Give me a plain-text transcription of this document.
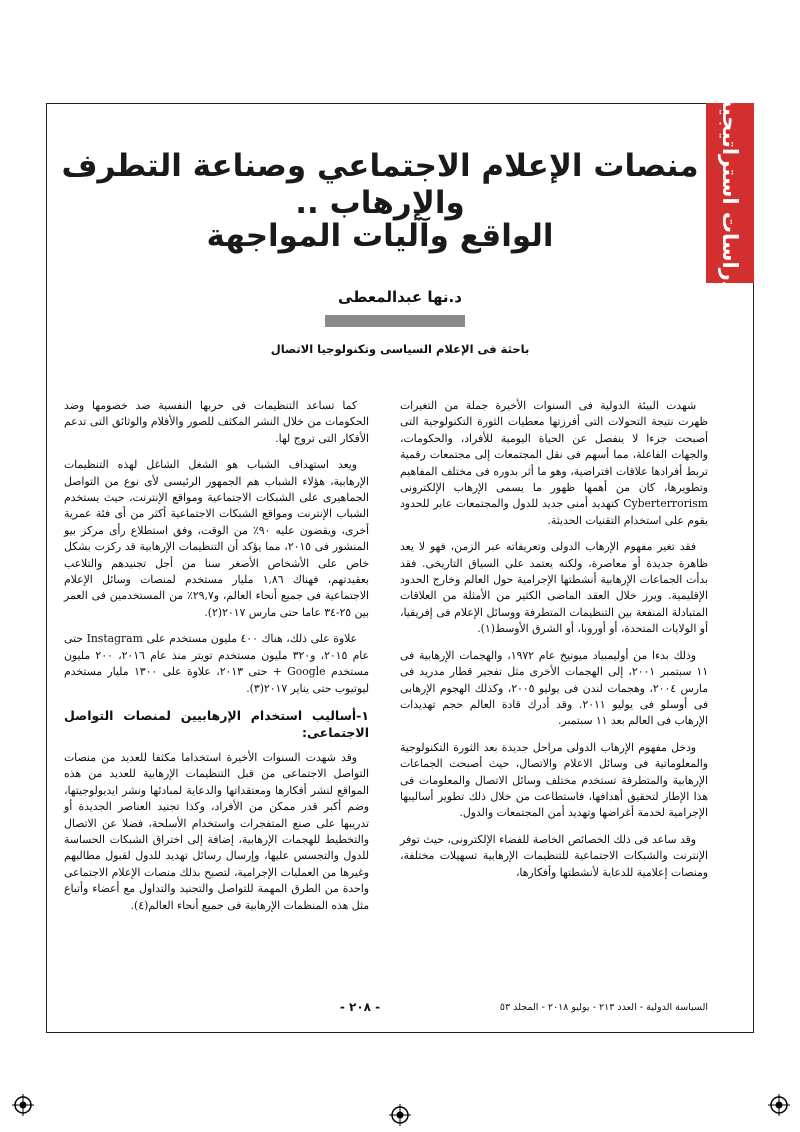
دراسات استراتيجية
منصات الإعلام الاجتماعي وصناعة التطرف والإرهاب ..
الواقع وآليات المواجهة
د.نها عبدالمعطى
باحثة فى الإعلام السياسى وتكنولوجيا الاتصال

شهدت البيئة الدولية فى السنوات الأخيرة جملة من التغيرات ظهرت نتيجة التحولات التى أفرزتها معطيات الثورة التكنولوجية التى أصبحت جزءا لا ينفصل عن الحياة اليومية للأفراد، والحكومات، والجهات الفاعلة، مما أسهم فى نقل المجتمعات إلى مجتمعات رقمية تربط أفرادها علاقات افتراضية، وهو ما أثر بدوره فى مختلف المفاهيم وتطويرها، كان من أهمها ظهور ما يسمى الإرهاب الإلكترونى Cyberterrorism كتهديد أمنى جديد للدول والمجتمعات عابر للحدود يقوم على استخدام التقنيات الحديثة.

فقد تغير مفهوم الإرهاب الدولى وتعريفاته عبر الزمن، فهو لا يعد ظاهرة جديدة أو معاصرة، ولكنه يعتمد على السياق التاريخى. فقد بدأت الجماعات الإرهابية أنشطتها الإجرامية حول العالم وخارج الحدود الإقليمية. ويرز خلال العقد الماضى الكثير من الأمثلة من العلاقات المتبادلة المنفعة بين التنظيمات المتطرفة ووسائل الإعلام فى إفريقيا، أو الولايات المتحدة، أو أوروبا، أو الشرق الأوسط(١).

وذلك بدءا من أوليمبياد ميونيخ عام ١٩٧٢، والهجمات الإرهابية فى ١١ سبتمبر ٢٠٠١، إلى الهجمات الأخرى مثل تفجير قطار مدريد فى مارس ٢٠٠٤، وهجمات لندن فى يوليو ٢٠٠٥، وكذلك الهجوم الإرهابى فى أوسلو فى يوليو ٢٠١١. وقد أدرك قادة العالم حجم تهديدات الإرهاب فى العالم بعد ١١ سبتمبر.

ودخل مفهوم الإرهاب الدولى مراحل جديدة بعد الثورة التكنولوجية والمعلوماتية فى وسائل الاعلام والاتصال، حيث أصبحت الجماعات الإرهابية والمتطرفة تستخدم مختلف وسائل الاتصال والمعلومات فى هذا الإطار لتحقيق أهدافها، فاستطاعت من خلال ذلك تطوير أساليبها الإجرامية لخدمة أغراضها وتهديد أمن المجتمعات والدول.

وقد ساعد فى ذلك الخصائص الخاصة للفضاء الإلكترونى، حيث توفر الإنترنت والشبكات الاجتماعية للتنظيمات الإرهابية تسهيلات مختلفة، ومنصات إعلامية للدعاية لأنشطتها وأفكارها،

كما تساعد التنظيمات فى حربها النفسية ضد خصومها وضد الحكومات من خلال النشر المكثف للصور والأفلام والوثائق التى تدعم الأفكار التى تروج لها.

ويعد استهداف الشباب هو الشغل الشاغل لهذه التنظيمات الإرهابية، هؤلاء الشباب هم الجمهور الرئيسى لأى نوع من التواصل الجماهيرى على الشبكات الاجتماعية ومواقع الإنترنت، حيث يستخدم الشباب الإنترنت ومواقع الشبكات الاجتماعية أكثر من أى فئة عمرية أخرى، ويقضون عليه ٩٠٪ من الوقت، وفق استطلاع رأى مركز بيو المنشور فى ٢٠١٥، مما يؤكد أن التنظيمات الإرهابية قد ركزت بشكل خاص على الأشخاص الأصغر سنا من أجل تجنيدهم والتلاعب بعقيدتهم، فهناك ١,٨٦ مليار مستخدم لمنصات وسائل الإعلام الاجتماعية فى جميع أنحاء العالم، و٢٩,٧٪ من المستخدمين فى العمر بين ٢٥-٣٤ عاما حتى مارس ٢٠١٧(٢).

علاوة على ذلك، هناك ٤٠٠ مليون مستخدم على Instagram حتى عام ٢٠١٥، و٣٢٠ مليون مستخدم تويتر منذ عام ٢٠١٦، ٢٠٠ مليون مستخدم Google + حتى ٢٠١٣، علاوة على ١٣٠٠ مليار مستخدم ليوتيوب حتى يناير ٢٠١٧(٣).

١-أساليب استخدام الإرهابيين لمنصات التواصل الاجتماعى:

وقد شهدت السنوات الأخيرة استخداما مكثفا للعديد من منصات التواصل الاجتماعى من قبل التنظيمات الإرهابية للعديد من هذه المواقع لنشر أفكارها ومعتقداتها والدعاية لمبادئها ونشر ايديولوجيتها، وضم أكبر قدر ممكن من الأفراد، وكذا تجنيد العناصر الجديدة أو تدريبها على صنع المتفجرات واستخدام الأسلحة، فضلا عن الاتصال والتخطيط للهجمات الإرهابية، إضافة إلى اختراق الشبكات الحساسة للدول والتجسس عليها، وإرسال رسائل تهديد للدول لقبول مطالبهم وغيرها من العمليات الإجرامية، لتصبح بذلك منصات الإعلام الاجتماعى واحدة من الطرق المهمة للتواصل والتجنيد والتداول مع أعضاء وأتباع مثل هذه المنظمات الإرهابية فى جميع أنحاء العالم(٤).

السياسة الدولية - العدد ٢١٣ - يوليو ٢٠١٨ - المجلد ٥٣
- ٢٠٨ -
